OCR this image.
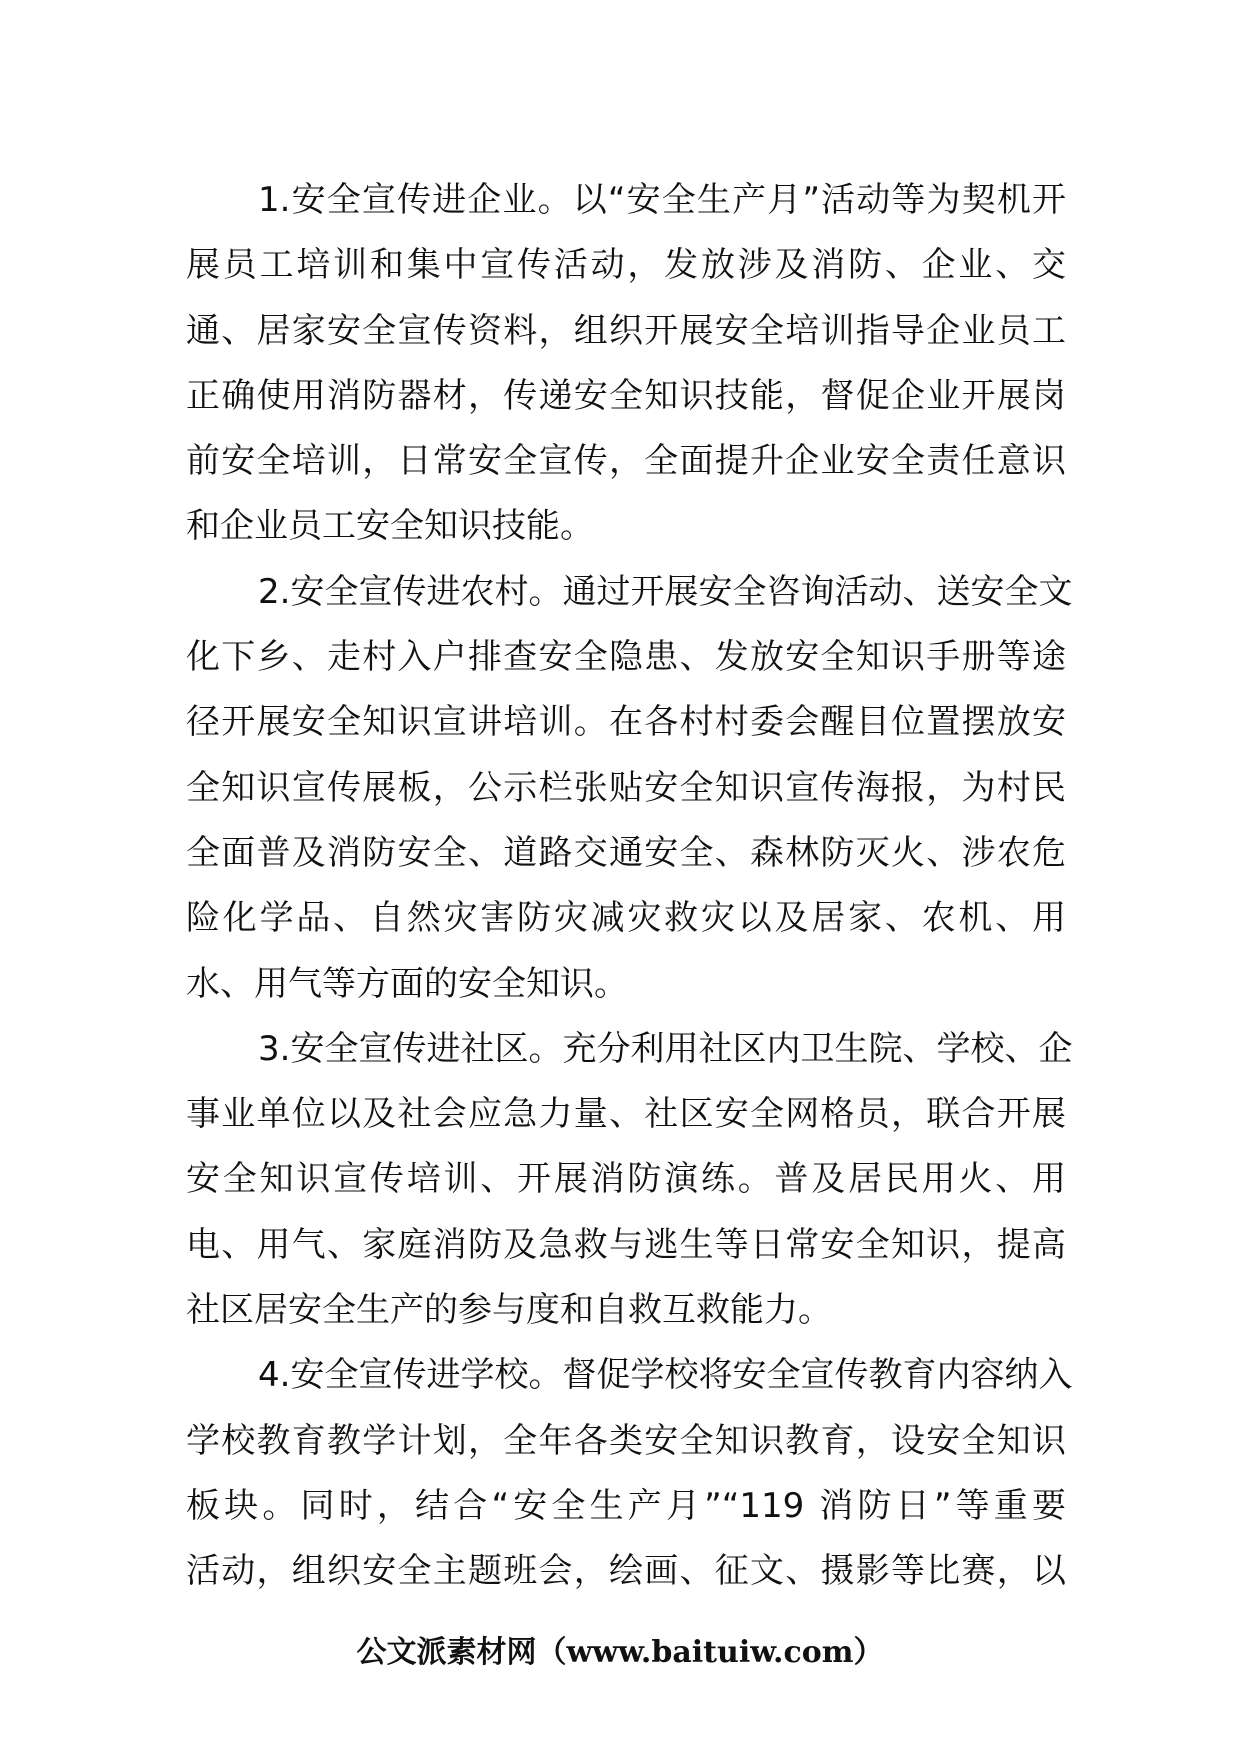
1.安全宣传进企业。以“安全生产月”活动等为契机开
展员工培训和集中宣传活动，发放涉及消防、企业、交
通、居家安全宣传资料，组织开展安全培训指导企业员工
正确使用消防器材，传递安全知识技能，督促企业开展岗
前安全培训，日常安全宣传，全面提升企业安全责任意识
和企业员工安全知识技能。
2.安全宣传进农村。通过开展安全咨询活动、送安全文
化下乡、走村入户排查安全隐患、发放安全知识手册等途
径开展安全知识宣讲培训。在各村村委会醒目位置摆放安
全知识宣传展板，公示栏张贴安全知识宣传海报，为村民
全面普及消防安全、道路交通安全、森林防灭火、涉农危
险化学品、自然灾害防灾减灾救灾以及居家、农机、用
水、用气等方面的安全知识。
3.安全宣传进社区。充分利用社区内卫生院、学校、企
事业单位以及社会应急力量、社区安全网格员，联合开展
安全知识宣传培训、开展消防演练。普及居民用火、用
电、用气、家庭消防及急救与逃生等日常安全知识，提高
社区居安全生产的参与度和自救互救能力。
4.安全宣传进学校。督促学校将安全宣传教育内容纳入
学校教育教学计划，全年各类安全知识教育，设安全知识
板块。同时，结合“安全生产月”“119 消防日”等重要
活动，组织安全主题班会，绘画、征文、摄影等比赛，以
公文派素材网（www.baituiw.com）
